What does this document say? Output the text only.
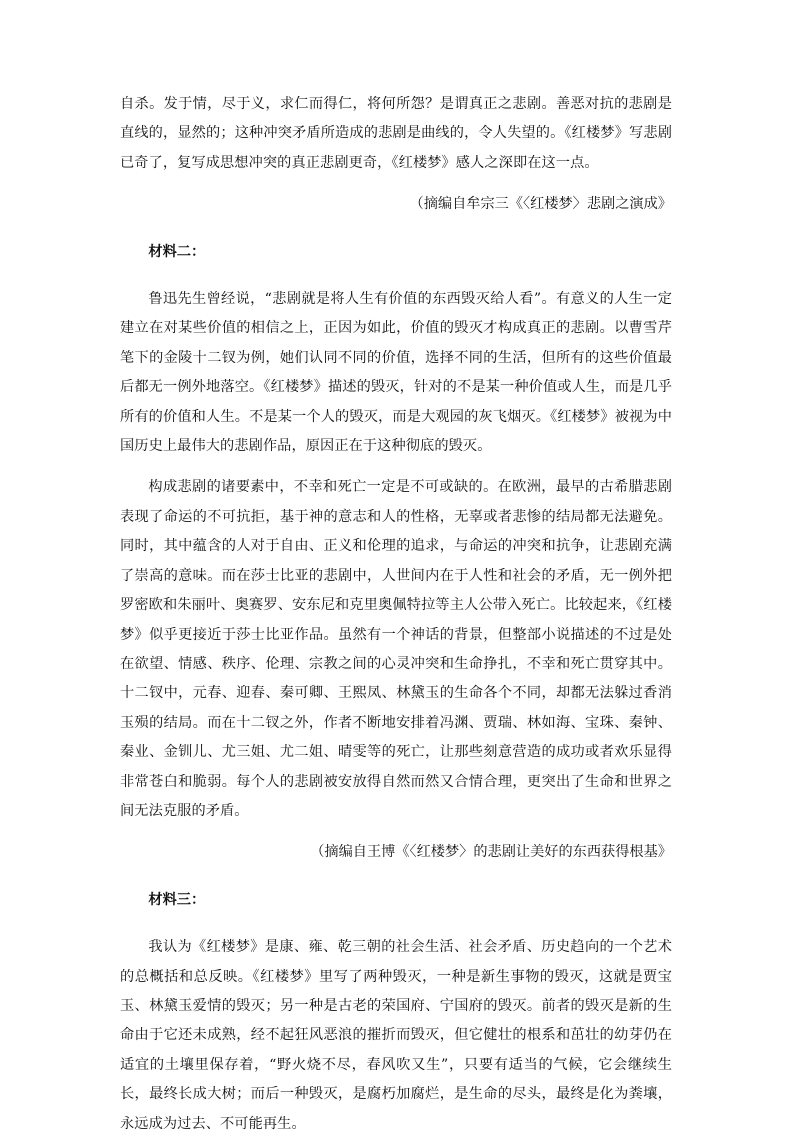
自杀。发于情，尽于义，求仁而得仁，将何所怨？是谓真正之悲剧。善恶对抗的悲剧是直线的，显然的；这种冲突矛盾所造成的悲剧是曲线的，令人失望的。《红楼梦》写悲剧已奇了，复写成思想冲突的真正悲剧更奇，《红楼梦》感人之深即在这一点。

（摘编自牟宗三《〈红楼梦〉悲剧之演成》

材料二：

鲁迅先生曾经说，“悲剧就是将人生有价值的东西毁灭给人看”。有意义的人生一定建立在对某些价值的相信之上，正因为如此，价值的毁灭才构成真正的悲剧。以曹雪芹笔下的金陵十二钗为例，她们认同不同的价值，选择不同的生活，但所有的这些价值最后都无一例外地落空。《红楼梦》描述的毁灭，针对的不是某一种价值或人生，而是几乎所有的价值和人生。不是某一个人的毁灭，而是大观园的灰飞烟灭。《红楼梦》被视为中国历史上最伟大的悲剧作品，原因正在于这种彻底的毁灭。

构成悲剧的诸要素中，不幸和死亡一定是不可或缺的。在欧洲，最早的古希腊悲剧表现了命运的不可抗拒，基于神的意志和人的性格，无辜或者悲惨的结局都无法避免。同时，其中蕴含的人对于自由、正义和伦理的追求，与命运的冲突和抗争，让悲剧充满了崇高的意味。而在莎士比亚的悲剧中，人世间内在于人性和社会的矛盾，无一例外把罗密欧和朱丽叶、奥赛罗、安东尼和克里奥佩特拉等主人公带入死亡。比较起来，《红楼梦》似乎更接近于莎士比亚作品。虽然有一个神话的背景，但整部小说描述的不过是处在欲望、情感、秩序、伦理、宗教之间的心灵冲突和生命挣扎，不幸和死亡贯穿其中。十二钗中，元春、迎春、秦可卿、王熙凤、林黛玉的生命各个不同，却都无法躲过香消玉殒的结局。而在十二钗之外，作者不断地安排着冯渊、贾瑞、林如海、宝珠、秦钟、秦业、金钏儿、尤三姐、尤二姐、晴雯等的死亡，让那些刻意营造的成功或者欢乐显得非常苍白和脆弱。每个人的悲剧被安放得自然而然又合情合理，更突出了生命和世界之间无法克服的矛盾。

（摘编自王博《〈红楼梦〉的悲剧让美好的东西获得根基》

材料三：

我认为《红楼梦》是康、雍、乾三朝的社会生活、社会矛盾、历史趋向的一个艺术的总概括和总反映。《红楼梦》里写了两种毁灭，一种是新生事物的毁灭，这就是贾宝玉、林黛玉爱情的毁灭；另一种是古老的荣国府、宁国府的毁灭。前者的毁灭是新的生命由于它还未成熟，经不起狂风恶浪的摧折而毁灭，但它健壮的根系和茁壮的幼芽仍在适宜的土壤里保存着，“野火烧不尽，春风吹又生”，只要有适当的气候，它会继续生长，最终长成大树；而后一种毁灭，是腐朽加腐烂，是生命的尽头，最终是化为粪壤，永远成为过去、不可能再生。
